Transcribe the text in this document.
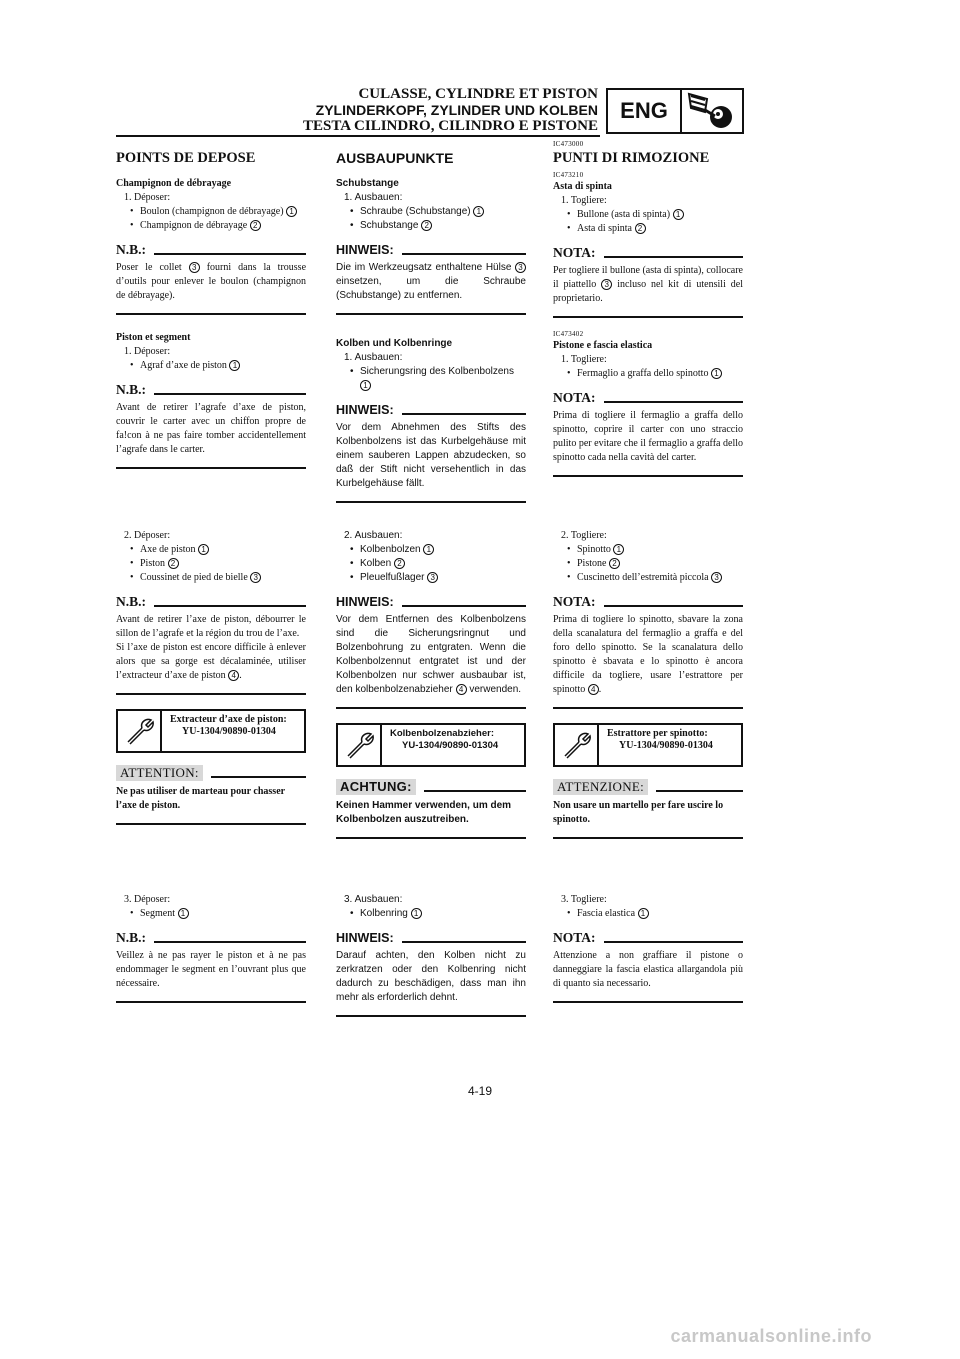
CULASSE, CYLINDRE ET PISTON
ZYLINDERKOPF, ZYLINDER UND KOLBEN
TESTA CILINDRO, CILINDRO E PISTONE
ENG
POINTS DE DEPOSE
Champignon de débrayage
1. Déposer:
• Boulon (champignon de débrayage) 1
• Champignon de débrayage 2
N.B.:
Poser le collet 3 fourni dans la trousse d’outils pour enlever le boulon (champignon de débrayage).
Piston et segment
1. Déposer:
• Agraf d’axe de piston 1
N.B.:
Avant de retirer l’agrafe d’axe de piston, couvrir le carter avec un chiffon propre de fa!con à ne pas faire tomber accidentellement l’agrafe dans le carter.
2. Déposer:
• Axe de piston 1
• Piston 2
• Coussinet de pied de bielle 3
N.B.:
Avant de retirer l’axe de piston, débourrer le sillon de l’agrafe et la région du trou de l’axe.
Si l’axe de piston est encore difficile à enlever alors que sa gorge est décalaminée, utiliser l’extracteur d’axe de piston 4 .
Extracteur d’axe de piston:
YU-1304/90890-01304
ATTENTION:
Ne pas utiliser de marteau pour chasser l’axe de piston.
3. Déposer:
• Segment 1
N.B.:
Veillez à ne pas rayer le piston et à ne pas endommager le segment en l’ouvrant plus que nécessaire.
AUSBAUPUNKTE
Schubstange
1. Ausbauen:
• Schraube (Schubstange) 1
• Schubstange 2
HINWEIS:
Die im Werkzeugsatz enthaltene Hülse 3 einsetzen, um die Schraube (Schubstange) zu entfernen.
Kolben und Kolbenringe
1. Ausbauen:
• Sicherungsring des Kolbenbolzens 1
HINWEIS:
Vor dem Abnehmen des Stifts des Kolbenbolzens ist das Kurbelgehäuse mit einem sauberen Lappen abzudecken, so daß der Stift nicht versehentlich in das Kurbelgehäuse fällt.
2. Ausbauen:
• Kolbenbolzen 1
• Kolben 2
• Pleuelfußlager 3
HINWEIS:
Vor dem Entfernen des Kolbenbolzens sind die Sicherungsringnut und Bolzenbohrung zu entgraten. Wenn die Kolbenbolzennut entgratet ist und der Kolbenbolzen nur schwer ausbaubar ist, den kolbenbolzenabzieher 4 verwenden.
Kolbenbolzenabzieher:
YU-1304/90890-01304
ACHTUNG:
Keinen Hammer verwenden, um dem Kolbenbolzen auszutreiben.
3. Ausbauen:
• Kolbenring 1
HINWEIS:
Darauf achten, den Kolben nicht zu zerkratzen oder den Kolbenring nicht dadurch zu beschädigen, dass man ihn mehr als erforderlich dehnt.
IC473000
PUNTI DI RIMOZIONE
IC473210
Asta di spinta
1. Togliere:
• Bullone (asta di spinta) 1
• Asta di spinta 2
NOTA:
Per togliere il bullone (asta di spinta), collocare il piattello 3 incluso nel kit di utensili del proprietario.
IC473402
Pistone e fascia elastica
1. Togliere:
• Fermaglio a graffa dello spinotto 1
NOTA:
Prima di togliere il fermaglio a graffa dello spinotto, coprire il carter con uno straccio pulito per evitare che il fermaglio a graffa dello spinotto cada nella cavità del carter.
2. Togliere:
• Spinotto 1
• Pistone 2
• Cuscinetto dell’estremità piccola 3
NOTA:
Prima di togliere lo spinotto, sbavare la zona della scanalatura del fermaglio a graffa e del foro dello spinotto. Se la scanalatura dello spinotto è sbavata e lo spinotto è ancora difficile da togliere, usare l’estrattore per spinotto 4 .
Estrattore per spinotto:
YU-1304/90890-01304
ATTENZIONE:
Non usare un martello per fare uscire lo spinotto.
3. Togliere:
• Fascia elastica 1
NOTA:
Attenzione a non graffiare il pistone o danneggiare la fascia elastica allargandola più di quanto sia necessario.
4-19
carmanualsonline.info
